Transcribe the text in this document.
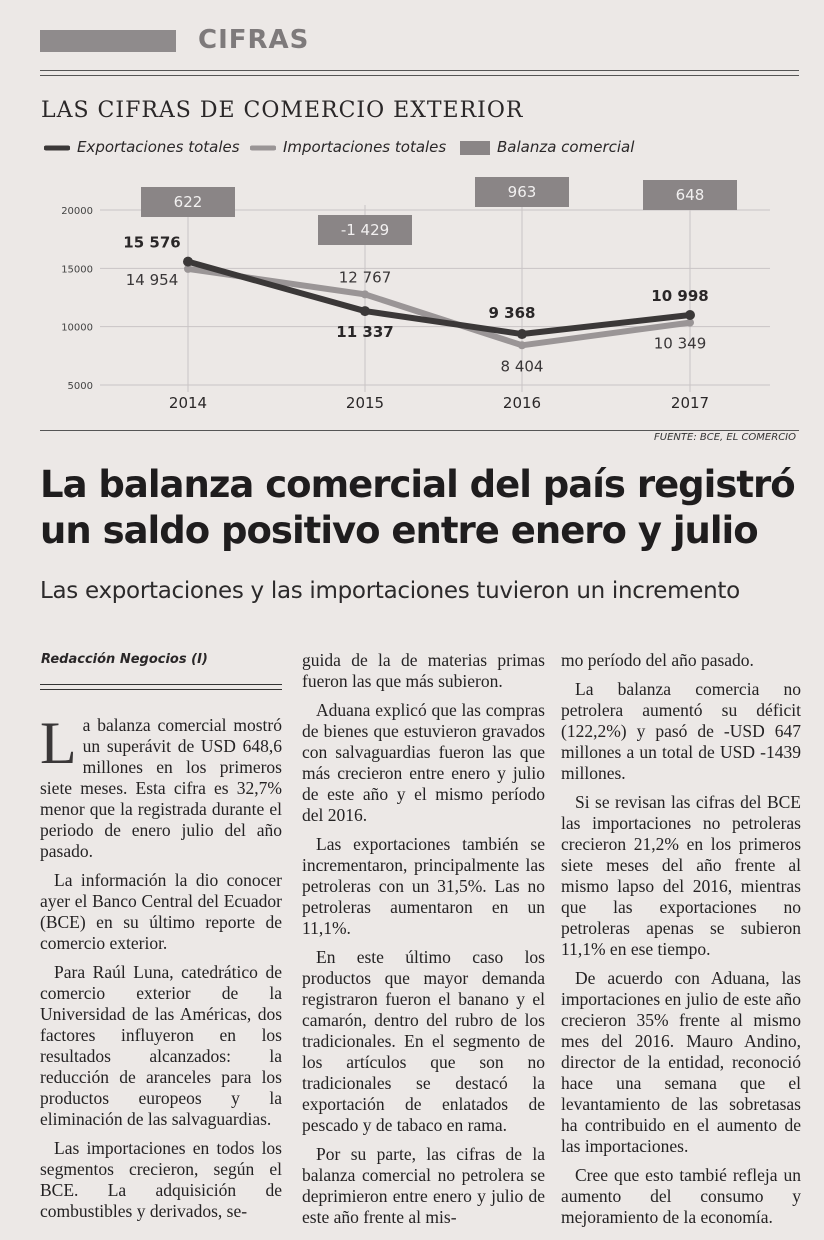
CIFRAS
LAS CIFRAS DE COMERCIO EXTERIOR
Exportaciones totales	Importaciones totales	Balanza comercial
20000
15000
10000
5000
2014	2015	2016	2017
622
-1 429
963	648
15 576
11 337
9 368
10 998
14 954	12 767
8 404
10 349
FUENTE: BCE, EL COMERCIO
La balanza comercial del país registró un saldo positivo entre enero y julio
Las exportaciones y las importaciones tuvieron un incremento
Redacción Negocios (I)

La balanza comercial mostró un superávit de USD 648,6 millones en los primeros siete meses. Esta cifra es 32,7% menor que la registrada durante el periodo de enero julio del año pasado.

La información la dio conocer ayer el Banco Central del Ecuador (BCE) en su último reporte de comercio exterior.

Para Raúl Luna, catedrático de comercio exterior de la Universidad de las Américas, dos factores influyeron en los resultados alcanzados: la reducción de aranceles para los productos europeos y la eliminación de las salvaguardias.

Las importaciones en todos los segmentos crecieron, según el BCE. La adquisición de combustibles y derivados, se-

guida de la de materias primas fueron las que más subieron.

Aduana explicó que las compras de bienes que estuvieron gravados con salvaguardias fueron las que más crecieron entre enero y julio de este año y el mismo período del 2016.

Las exportaciones también se incrementaron, principalmente las petroleras con un 31,5%. Las no petroleras aumentaron en un 11,1%.

En este último caso los productos que mayor demanda registraron fueron el banano y el camarón, dentro del rubro de los tradicionales. En el segmento de los artículos que son no tradicionales se destacó la exportación de enlatados de pescado y de tabaco en rama.

Por su parte, las cifras de la balanza comercial no petrolera se deprimieron entre enero y julio de este año frente al mis-

mo período del año pasado.

La balanza comercia no petrolera aumentó su déficit (122,2%) y pasó de -USD 647 millones a un total de USD -1439 millones.

Si se revisan las cifras del BCE las importaciones no petroleras crecieron 21,2% en los primeros siete meses del año frente al mismo lapso del 2016, mientras que las exportaciones no petroleras apenas se subieron 11,1% en ese tiempo.

De acuerdo con Aduana, las importaciones en julio de este año crecieron 35% frente al mismo mes del 2016. Mauro Andino, director de la entidad, reconoció hace una semana que el levantamiento de las sobretasas ha contribuido en el aumento de las importaciones.

Cree que esto tambié refleja un aumento del consumo y mejoramiento de la economía.
